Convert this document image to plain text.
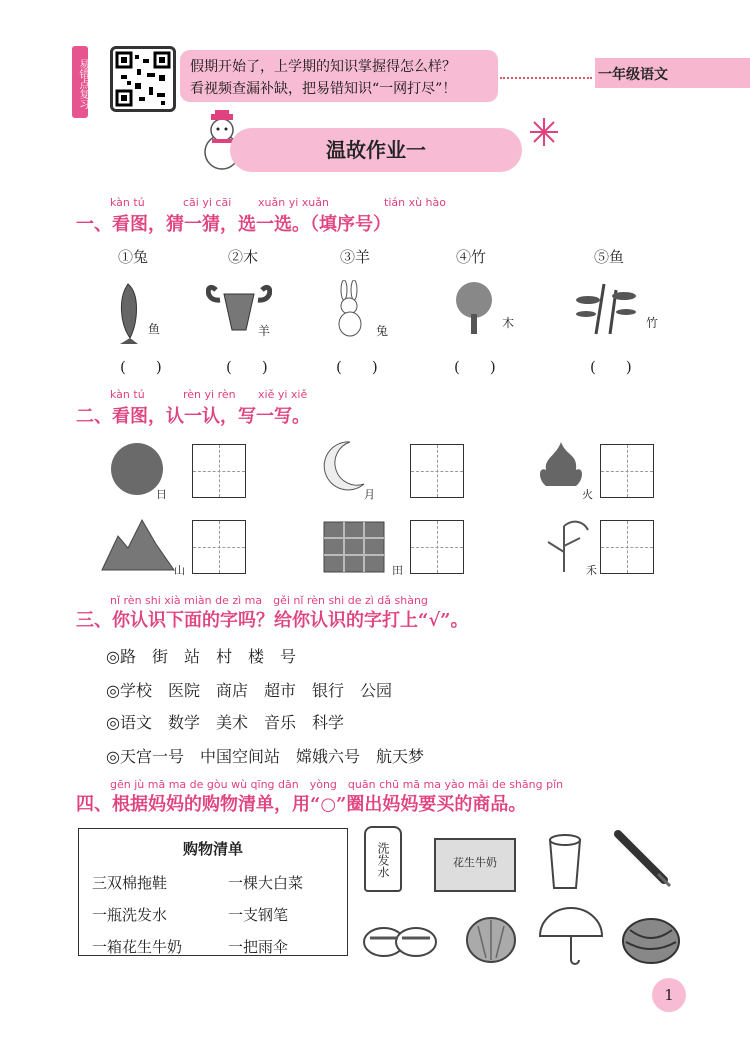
易错点复习	假期开始了，上学期的知识掌握得怎么样？
看视频查漏补缺，把易错知识“一网打尽”！
一年级语文
温故作业一
kàn tú	cāi yi cāi xuǎn yi xuǎn	tián xù hào
一、看图，猜一猜，选一选。（填序号）
①兔	②木	③羊	④竹	⑤鱼
鱼	羊	兔
木	竹
(　　)	(　　)	(　　)	(　　)	(　　)
kàn tú	rèn yi rèn xiě yi xiě
二、看图，认一认，写一写。
日	月	火
山	田	禾
nǐ rèn shi xià miàn de zì ma　gěi nǐ rèn shi de zì dǎ shàng
三、你认识下面的字吗？给你认识的字打上“√”。
◎路　街　站　村　楼　号
◎学校　医院　商店　超市　银行　公园
◎语文　数学　美术　音乐　科学
◎天宫一号　中国空间站　嫦娥六号　航天梦
gēn jù mā ma de gòu wù qīng dān　yòng　quān chū mā ma yào mǎi de shāng pǐn
四、根据妈妈的购物清单，用“○”圈出妈妈要买的商品。
购物清单
三双棉拖鞋	一棵大白菜
一瓶洗发水	一支钢笔
一箱花生牛奶	一把雨伞
洗发水	花生牛奶
1
